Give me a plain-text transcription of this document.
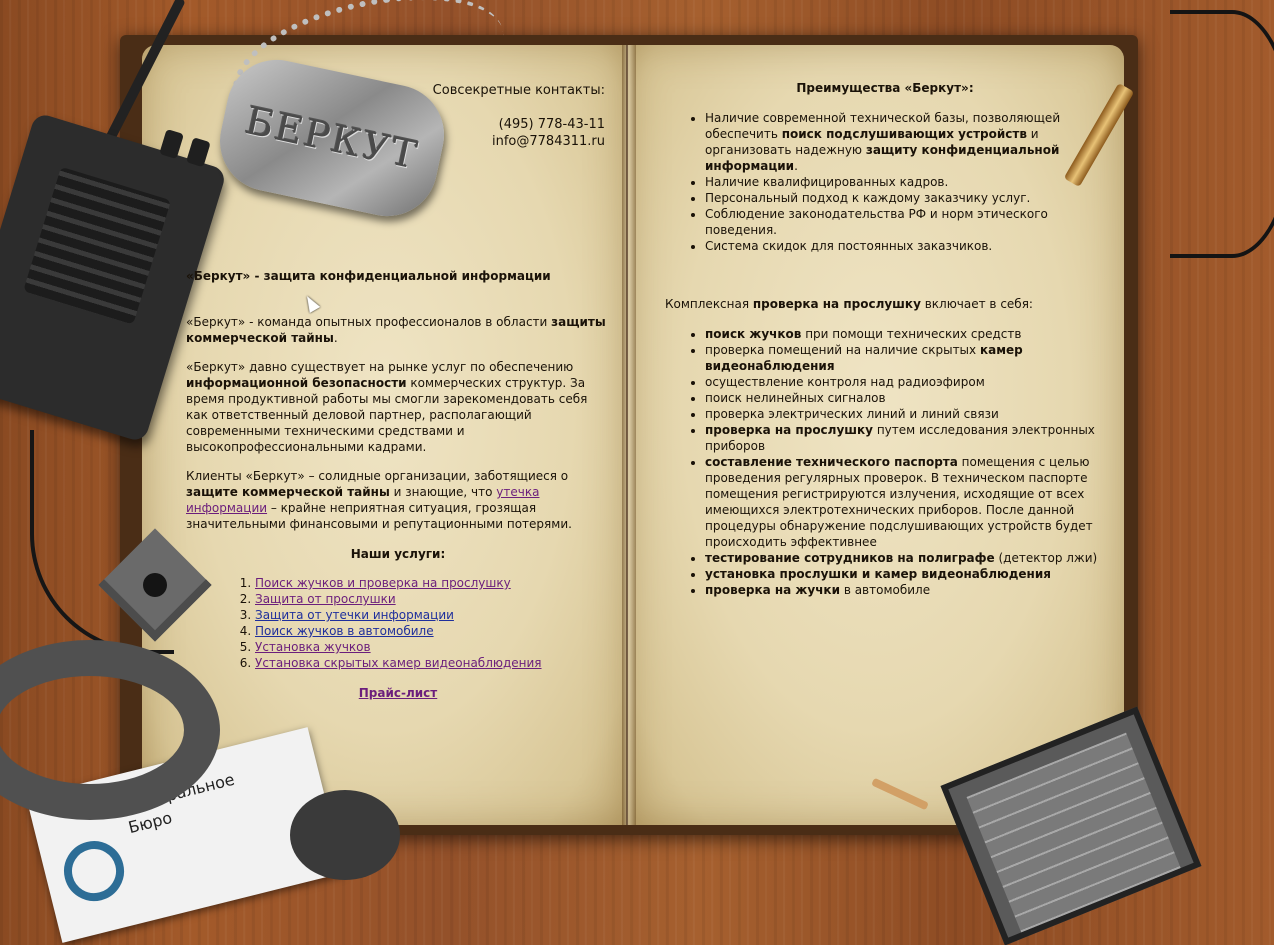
БЕРКУТ
Федеральное
Бюро

Совсекретные контакты:

(495) 778-43-11

info@7784311.ru

«Беркут» - защита конфиденциальной информации

«Беркут» - команда опытных профессионалов в области защиты коммерческой тайны.

«Беркут» давно существует на рынке услуг по обеспечению информационной безопасности коммерческих структур. За время продуктивной работы мы смогли зарекомендовать себя как ответственный деловой партнер, располагающий современными техническими средствами и высокопрофессиональными кадрами.

Клиенты «Беркут» – солидные организации, заботящиеся о защите коммерческой тайны и знающие, что утечка информации – крайне неприятная ситуация, грозящая значительными финансовыми и репутационными потерями.

Наши услуги:
1. Поиск жучков и проверка на прослушку
2. Защита от прослушки
3. Защита от утечки информации
4. Поиск жучков в автомобиле
5. Установка жучков
6. Установка скрытых камер видеонаблюдения
Прайс-лист
Преимущества «Беркут»:
• Наличие современной технической базы, позволяющей обеспечить поиск подслушивающих устройств и организовать надежную защиту конфиденциальной информации.
• Наличие квалифицированных кадров.
• Персональный подход к каждому заказчику услуг.
• Соблюдение законодательства РФ и норм этического поведения.
• Система скидок для постоянных заказчиков.

Комплексная проверка на прослушку включает в себя:

• поиск жучков при помощи технических средств
• проверка помещений на наличие скрытых камер видеонаблюдения
• осуществление контроля над радиоэфиром
• поиск нелинейных сигналов
• проверка электрических линий и линий связи
• проверка на прослушку путем исследования электронных приборов
• составление технического паспорта помещения с целью проведения регулярных проверок. В техническом паспорте помещения регистрируются излучения, исходящие от всех имеющихся электротехнических приборов. После данной процедуры обнаружение подслушивающих устройств будет происходить эффективнее
• тестирование сотрудников на полиграфе (детектор лжи)
• установка прослушки и камер видеонаблюдения
• проверка на жучки в автомобиле
